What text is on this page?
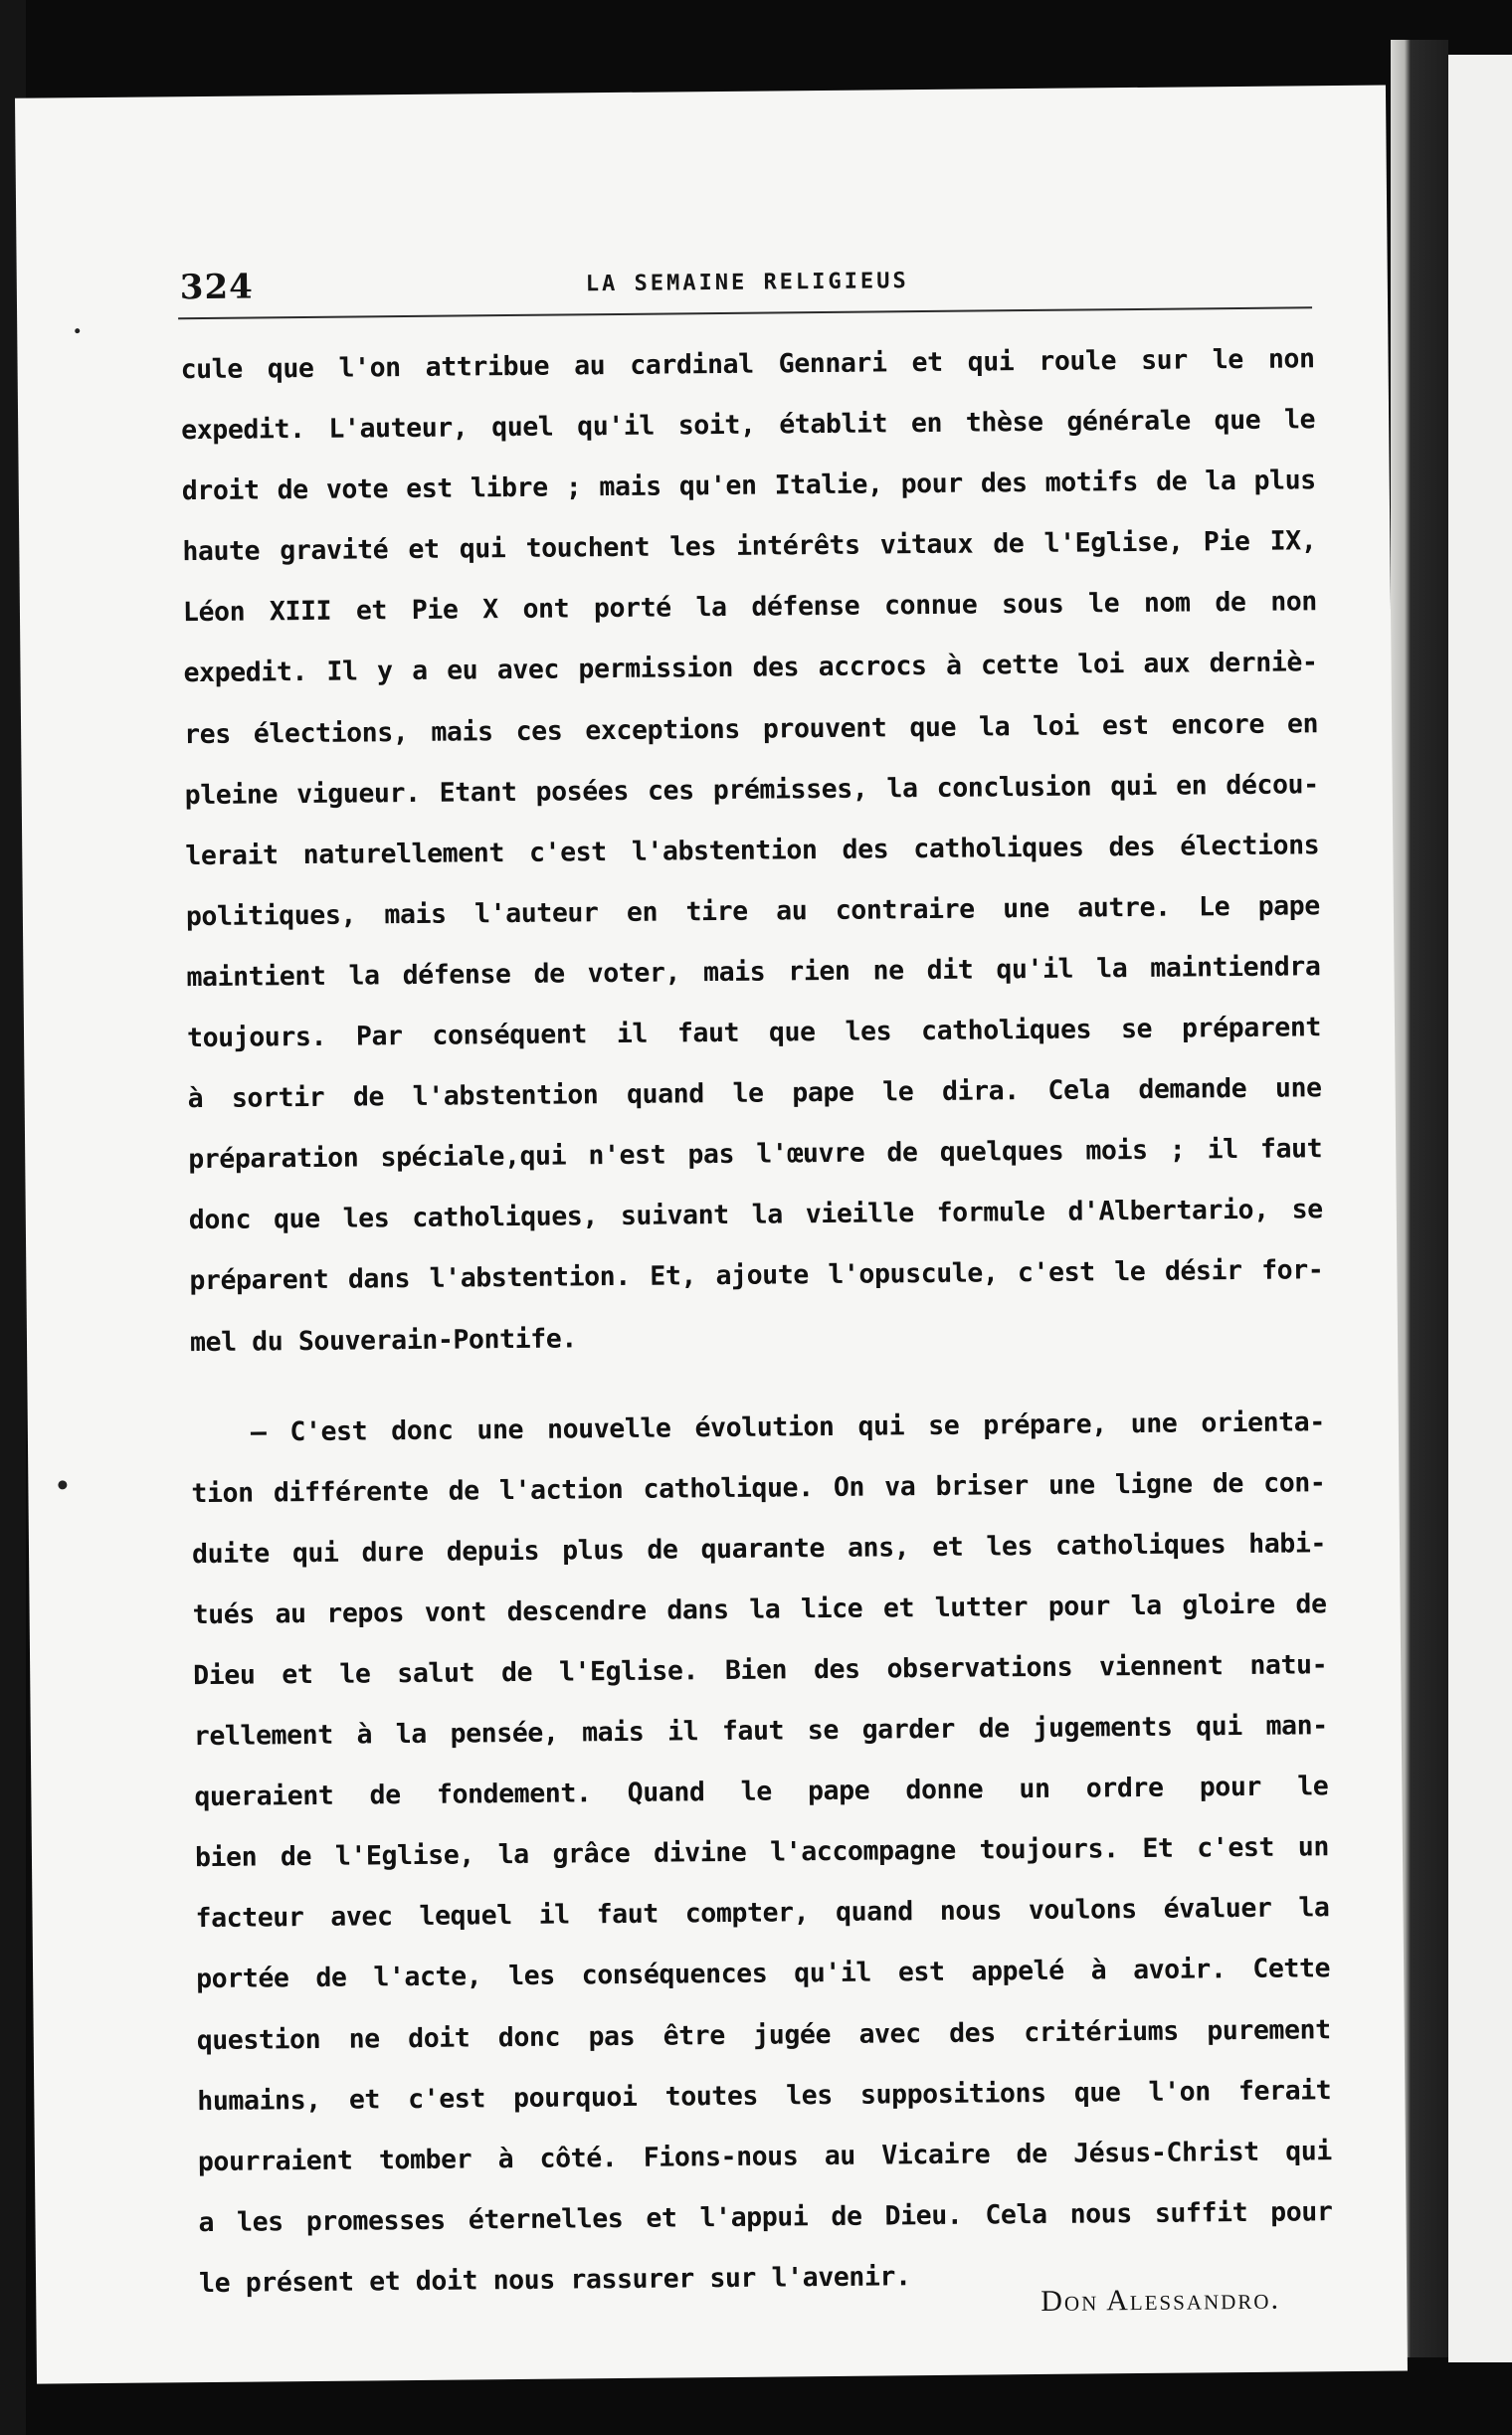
324	LA SEMAINE RELIGIEUS
cule que l'on attribue au cardinal Gennari et qui roule sur le non
expedit. L'auteur, quel qu'il soit, établit en thèse générale que le
droit de vote est libre ; mais qu'en Italie, pour des motifs de la plus
haute gravité et qui touchent les intérêts vitaux de l'Eglise, Pie IX,
Léon XIII et Pie X ont porté la défense connue sous le nom de non
expedit. Il y a eu avec permission des accrocs à cette loi aux derniè-
res élections, mais ces exceptions prouvent que la loi est encore en
pleine vigueur. Etant posées ces prémisses, la conclusion qui en décou-
lerait naturellement c'est l'abstention des catholiques des élections
politiques, mais l'auteur en tire au contraire une autre. Le pape
maintient la défense de voter, mais rien ne dit qu'il la maintiendra
toujours. Par conséquent il faut que les catholiques se préparent
à sortir de l'abstention quand le pape le dira. Cela demande une
préparation spéciale,qui n'est pas l'œuvre de quelques mois ; il faut
donc que les catholiques, suivant la vieille formule d'Albertario, se
préparent dans l'abstention. Et, ajoute l'opuscule, c'est le désir for-
mel du Souverain-Pontife.
— C'est donc une nouvelle évolution qui se prépare, une orienta-
tion différente de l'action catholique. On va briser une ligne de con-
duite qui dure depuis plus de quarante ans, et les catholiques habi-
tués au repos vont descendre dans la lice et lutter pour la gloire de
Dieu et le salut de l'Eglise. Bien des observations viennent natu-
rellement à la pensée, mais il faut se garder de jugements qui man-
queraient de fondement. Quand le pape donne un ordre pour le
bien de l'Eglise, la grâce divine l'accompagne toujours. Et c'est un
facteur avec lequel il faut compter, quand nous voulons évaluer la
portée de l'acte, les conséquences qu'il est appelé à avoir. Cette
question ne doit donc pas être jugée avec des critériums purement
humains, et c'est pourquoi toutes les suppositions que l'on ferait
pourraient tomber à côté. Fions-nous au Vicaire de Jésus-Christ qui
a les promesses éternelles et l'appui de Dieu. Cela nous suffit pour
le présent et doit nous rassurer sur l'avenir.
Don Alessandro.
